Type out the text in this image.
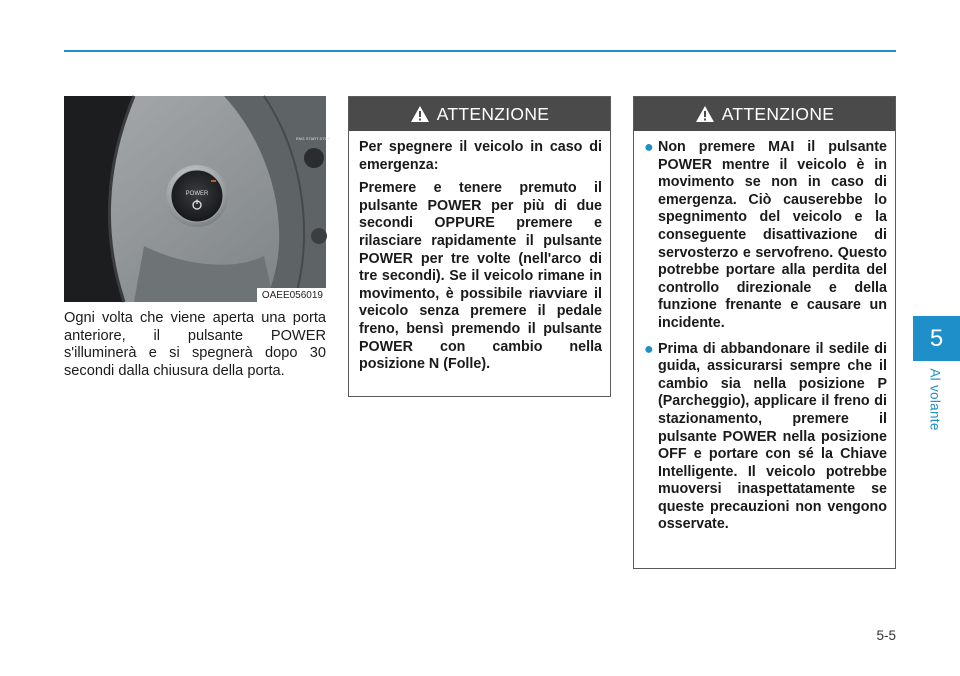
POWER
ENG START STOP
OAEE056019

Ogni volta che viene aperta una porta anteriore, il pulsante POWER s'illuminerà e si spegnerà dopo 30 secondi dalla chiusura della porta.

ATTENZIONE

Per spegnere il veicolo in caso di emergenza:

Premere e tenere premuto il pulsante POWER per più di due secondi OPPURE premere e rilasciare rapidamente il pulsante POWER per tre volte (nell'arco di tre secondi). Se il veicolo rimane in movimento, è possibile riavviare il veicolo senza premere il pedale freno, bensì premendo il pulsante POWER con cambio nella posizione N (Folle).

ATTENZIONE
● Non premere MAI il pulsante POWER mentre il veicolo è in movimento se non in caso di emergenza. Ciò causerebbe lo spegnimento del veicolo e la conseguente disattivazione di servosterzo e servofreno. Questo potrebbe portare alla perdita del controllo direzionale e della funzione frenante e causare un incidente.
● Prima di abbandonare il sedile di guida, assicurarsi sempre che il cambio sia nella posizione P (Parcheggio), applicare il freno di stazionamento, premere il pulsante POWER nella posizione OFF e portare con sé la Chiave Intelligente. Il veicolo potrebbe muoversi inaspettatamente se queste precauzioni non vengono osservate.
5
Al volante
5-5
